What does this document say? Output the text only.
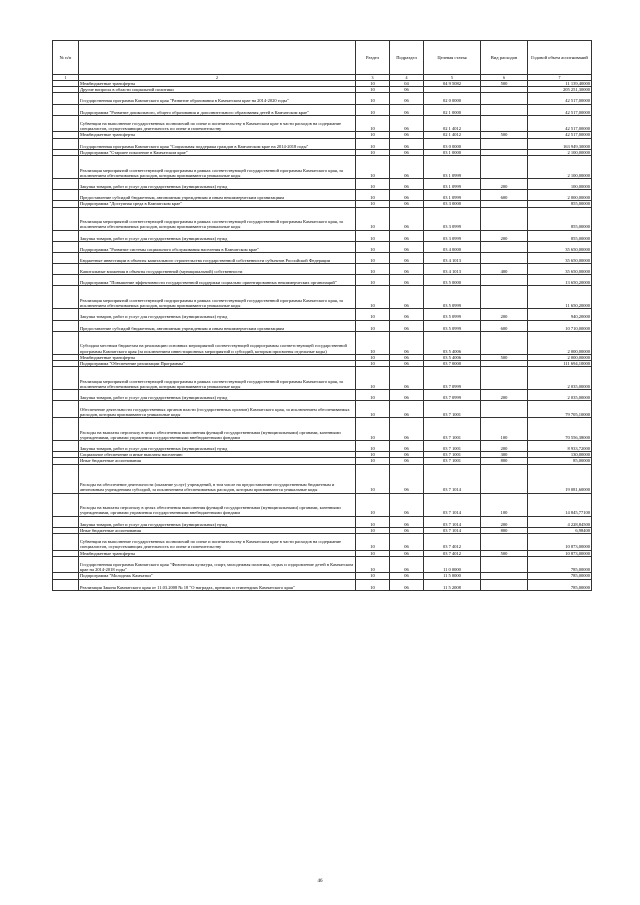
№ п/п		Раздел	Подраздел	Целевая статья	Вид расходов	Годовой объем ассигнований
1	2	3	4	5	6	7
	Межбюджетные трансферты	10	04	04 9 5082	500	11 139,40000
	Другие вопросы в области социальной политики	10	06			205 251,30000
	Государственная программа Камчатского края "Развитие образования в Камчатском крае на 2014-2020 годы"	10	06	02 0 0000		42 517,00000
	Подпрограмма "Развитие дошкольного, общего образования и дополнительного образования детей в Камчатском крае"	10	06	02 1 0000		42 517,00000
	Субвенции на выполнение государственных полномочий по опеке и попечительству в Камчатском крае в части расходов на содержание специалистов, осуществляющих деятельность по опеке и попечительству	10	06	02 1 4012		42 517,00000
	Межбюджетные трансферты	10	06	02 1 4012	500	42 517,00000
	Государственная программа Камчатского края "Социальная поддержка граждан в Камчатском крае на 2014-2018 годы"	10	06	03 0 0000		163 949,30000
	Подпрограмма "Старшее поколение в Камчатском крае"	10	06	03 1 0000		2 100,00000
	Реализация мероприятий соответствующей подпрограммы в рамках соответствующей государственной программы Камчатского края, за исключением обеспечиваемых расходов, которым присваиваются уникальные коды	10	06	03 1 0999		2 100,00000
	Закупка товаров, работ и услуг для государственных (муниципальных) нужд	10	06	03 1 0999	200	100,00000
	Предоставление субсидий бюджетным, автономным учреждениям и иным некоммерческим организациям	10	06	03 1 0999	600	2 000,00000
	Подпрограмма "Доступная среда в Камчатском крае"	10	06	03 3 0000		855,00000
	Реализация мероприятий соответствующей подпрограммы в рамках соответствующей государственной программы Камчатского края, за исключением обеспечиваемых расходов, которым присваиваются уникальные коды	10	06	03 3 0999		855,00000
	Закупка товаров, работ и услуг для государственных (муниципальных) нужд	10	06	03 3 0999	200	855,00000
	Подпрограмма "Развитие системы социального обслуживания населения в Камчатском крае"	10	06	03 4 0000		35 650,00000
	Бюджетные инвестиции в объекты капитального строительства государственной собственности субъектов Российской Федерации	10	06	03 4 1013		35 650,00000
	Капитальные вложения в объекты государственной (муниципальной) собственности	10	06	03 4 1013	400	35 650,00000
	Подпрограмма "Повышение эффективности государственной поддержки социально ориентированных некоммерческих организаций"	10	06	03 5 0000		13 650,20000
	Реализация мероприятий соответствующей подпрограммы в рамках соответствующей государственной программы Камчатского края, за исключением обеспечиваемых расходов, которым присваиваются уникальные коды	10	06	03 5 0999		11 650,20000
	Закупка товаров, работ и услуг для государственных (муниципальных) нужд	10	06	03 5 0999	200	940,20000
	Предоставление субсидий бюджетным, автономным учреждениям и иным некоммерческим организациям	10	06	03 5 0999	600	10 710,00000
	Субсидии местным бюджетам на реализацию основных мероприятий соответствующей подпрограммы соответствующей государственной программы Камчатского края (за исключением инвестиционных мероприятий и субсидий, которым присвоены отдельные коды)	10	06	03 5 4006		2 000,00000
	Межбюджетные трансферты	10	06	03 5 4006	500	2 000,00000
	Подпрограмма "Обеспечение реализации Программы"	10	06	03 7 0000		111 694,10000
	Реализация мероприятий соответствующей подпрограммы в рамках соответствующей государственной программы Камчатского края, за исключением обеспечиваемых расходов, которым присваиваются уникальные коды	10	06	03 7 0999		2 035,00000
	Закупка товаров, работ и услуг для государственных (муниципальных) нужд	10	06	03 7 0999	200	2 035,00000
	Обеспечение деятельности государственных органов власти (государственных органов) Камчатского края, за исключением обеспечиваемых расходов, которым присваиваются уникальные коды	10	06	03 7 1001		79 705,10000
	Расходы на выплаты персоналу в целях обеспечения выполнения функций государственными (муниципальными) органами, казенными учреждениями, органами управления государственными внебюджетными фондами	10	06	03 7 1001	100	70 556,38000
	Закупка товаров, работ и услуг для государственных (муниципальных) нужд	10	06	03 7 1001	200	8 933,72000
	Социальное обеспечение и иные выплаты населению	10	06	03 7 1001	300	130,00000
	Иные бюджетные ассигнования	10	06	03 7 1001	800	85,00000
	Расходы на обеспечение деятельности (оказание услуг) учреждений, в том числе на предоставление государственным бюджетным и автономным учреждениям субсидий, за исключением обеспечиваемых расходов, которым присваиваются уникальные коды	10	06	03 7 1014		19 081,60000
	Расходы на выплаты персоналу в целях обеспечения выполнения функций государственными (муниципальными) органами, казенными учреждениями, органами управления государственными внебюджетными фондами	10	06	03 7 1014	100	14 845,77100
	Закупка товаров, работ и услуг для государственных (муниципальных) нужд	10	06	03 7 1014	200	4 228,84500
	Иные бюджетные ассигнования	10	06	03 7 1014	800	6,98400
	Субвенции на выполнение государственных полномочий по опеке и попечительству в Камчатском крае в части расходов на содержание специалистов, осуществляющих деятельность по опеке и попечительству	10	06	03 7 4012		10 873,00000
	Межбюджетные трансферты	10	06	03 7 4012	500	10 873,00000
	Государственная программа Камчатского края "Физическая культура, спорт, молодежная политика, отдых и оздоровление детей в Камчатском крае на 2014-2018 годы"	10	06	11 0 0000		785,00000
	Подпрограмма "Молодежь Камчатки"	10	06	11 5 0000		785,00000
	Реализация Закона Камчатского края от 11.03.2008 № 18 "О наградах, премиях и стипендиях Камчатского края"	10	06	11 5 2008		785,00000
46
